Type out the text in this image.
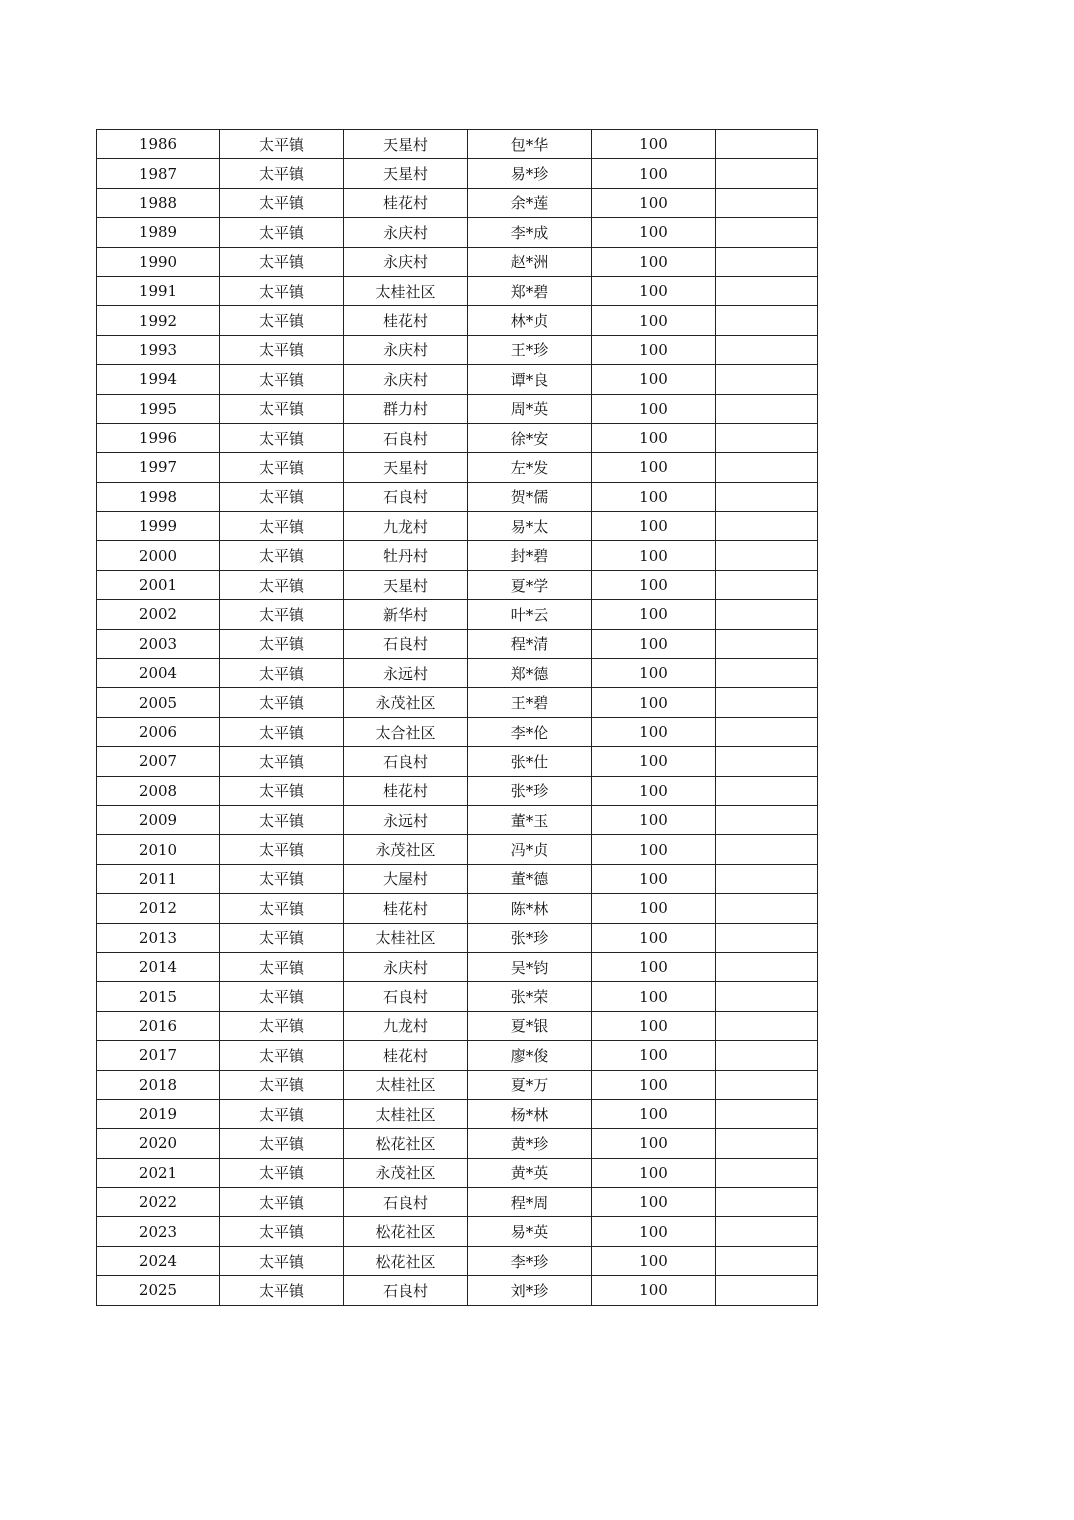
1986	太平镇	天星村	包*华	100	
1987	太平镇	天星村	易*珍	100	
1988	太平镇	桂花村	余*莲	100	
1989	太平镇	永庆村	李*成	100	
1990	太平镇	永庆村	赵*洲	100	
1991	太平镇	太桂社区	郑*碧	100	
1992	太平镇	桂花村	林*贞	100	
1993	太平镇	永庆村	王*珍	100	
1994	太平镇	永庆村	谭*良	100	
1995	太平镇	群力村	周*英	100	
1996	太平镇	石良村	徐*安	100	
1997	太平镇	天星村	左*发	100	
1998	太平镇	石良村	贺*儒	100	
1999	太平镇	九龙村	易*太	100	
2000	太平镇	牡丹村	封*碧	100	
2001	太平镇	天星村	夏*学	100	
2002	太平镇	新华村	叶*云	100	
2003	太平镇	石良村	程*清	100	
2004	太平镇	永远村	郑*德	100	
2005	太平镇	永茂社区	王*碧	100	
2006	太平镇	太合社区	李*伦	100	
2007	太平镇	石良村	张*仕	100	
2008	太平镇	桂花村	张*珍	100	
2009	太平镇	永远村	董*玉	100	
2010	太平镇	永茂社区	冯*贞	100	
2011	太平镇	大屋村	董*德	100	
2012	太平镇	桂花村	陈*林	100	
2013	太平镇	太桂社区	张*珍	100	
2014	太平镇	永庆村	吴*钧	100	
2015	太平镇	石良村	张*荣	100	
2016	太平镇	九龙村	夏*银	100	
2017	太平镇	桂花村	廖*俊	100	
2018	太平镇	太桂社区	夏*万	100	
2019	太平镇	太桂社区	杨*林	100	
2020	太平镇	松花社区	黄*珍	100	
2021	太平镇	永茂社区	黄*英	100	
2022	太平镇	石良村	程*周	100	
2023	太平镇	松花社区	易*英	100	
2024	太平镇	松花社区	李*珍	100	
2025	太平镇	石良村	刘*珍	100	
